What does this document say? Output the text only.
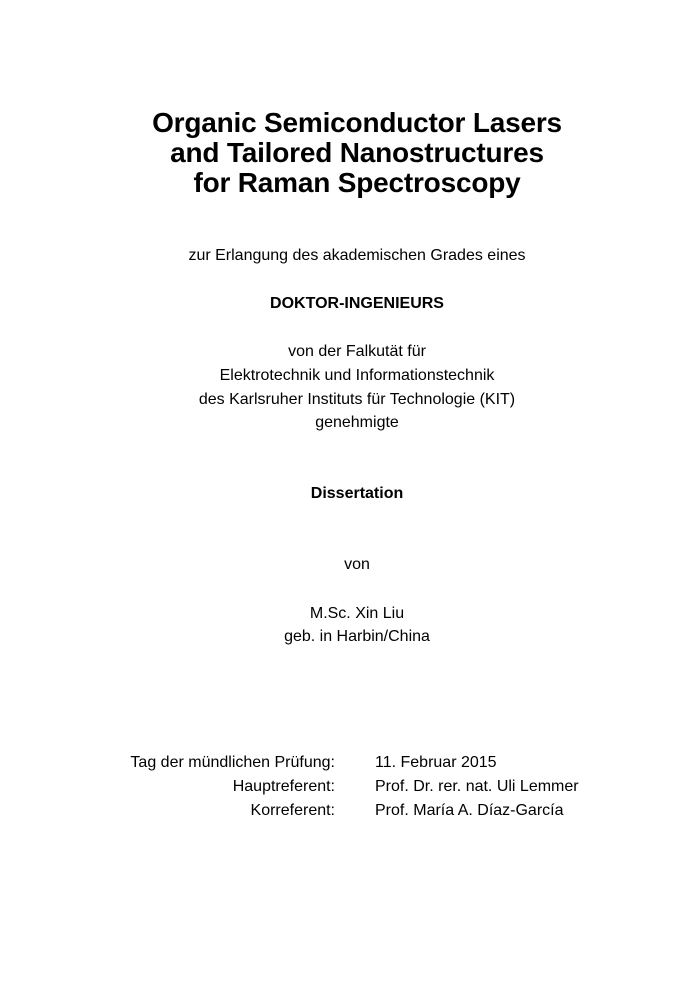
Organic Semiconductor Lasers
and Tailored Nanostructures
for Raman Spectroscopy
zur Erlangung des akademischen Grades eines
DOKTOR-INGENIEURS
von der Falkutät für
Elektrotechnik und Informationstechnik
des Karlsruher Instituts für Technologie (KIT)
genehmigte
Dissertation
von
M.Sc. Xin Liu
geb. in Harbin/China
Tag der mündlichen Prüfung:	11. Februar 2015
Hauptreferent:	Prof. Dr. rer. nat. Uli Lemmer
Korreferent:	Prof. María A. Díaz-García
